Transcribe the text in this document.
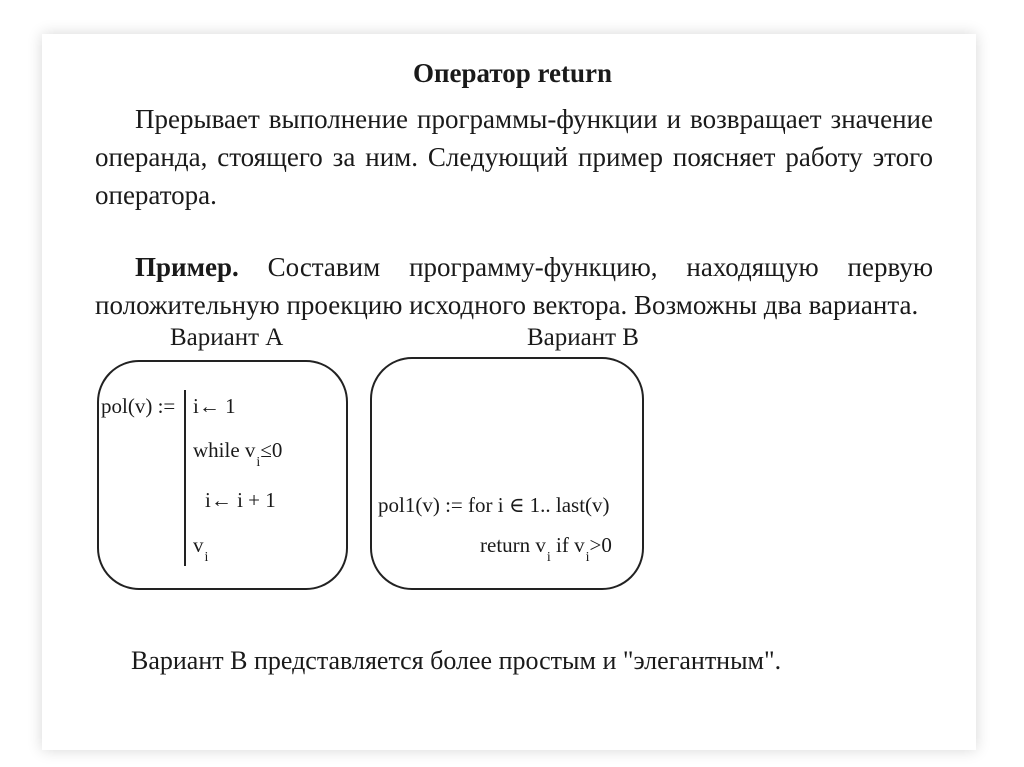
Оператор return
Прерывает выполнение программы-функции и возвращает значение
операнда, стоящего за ним. Следующий пример поясняет работу этого
оператора.
Пример. Составим программу-функцию, находящую первую
положительную проекцию исходного вектора. Возможны два варианта.
Вариант А	Вариант В
pol(v) := i← 1
while $v_i\le 0$
i← i + 1
$v_i$
pol1(v) := for i ∈ 1.. last(v)
return $v_i$ if $v_i>0$
Вариант В представляется более простым и "элегантным".
